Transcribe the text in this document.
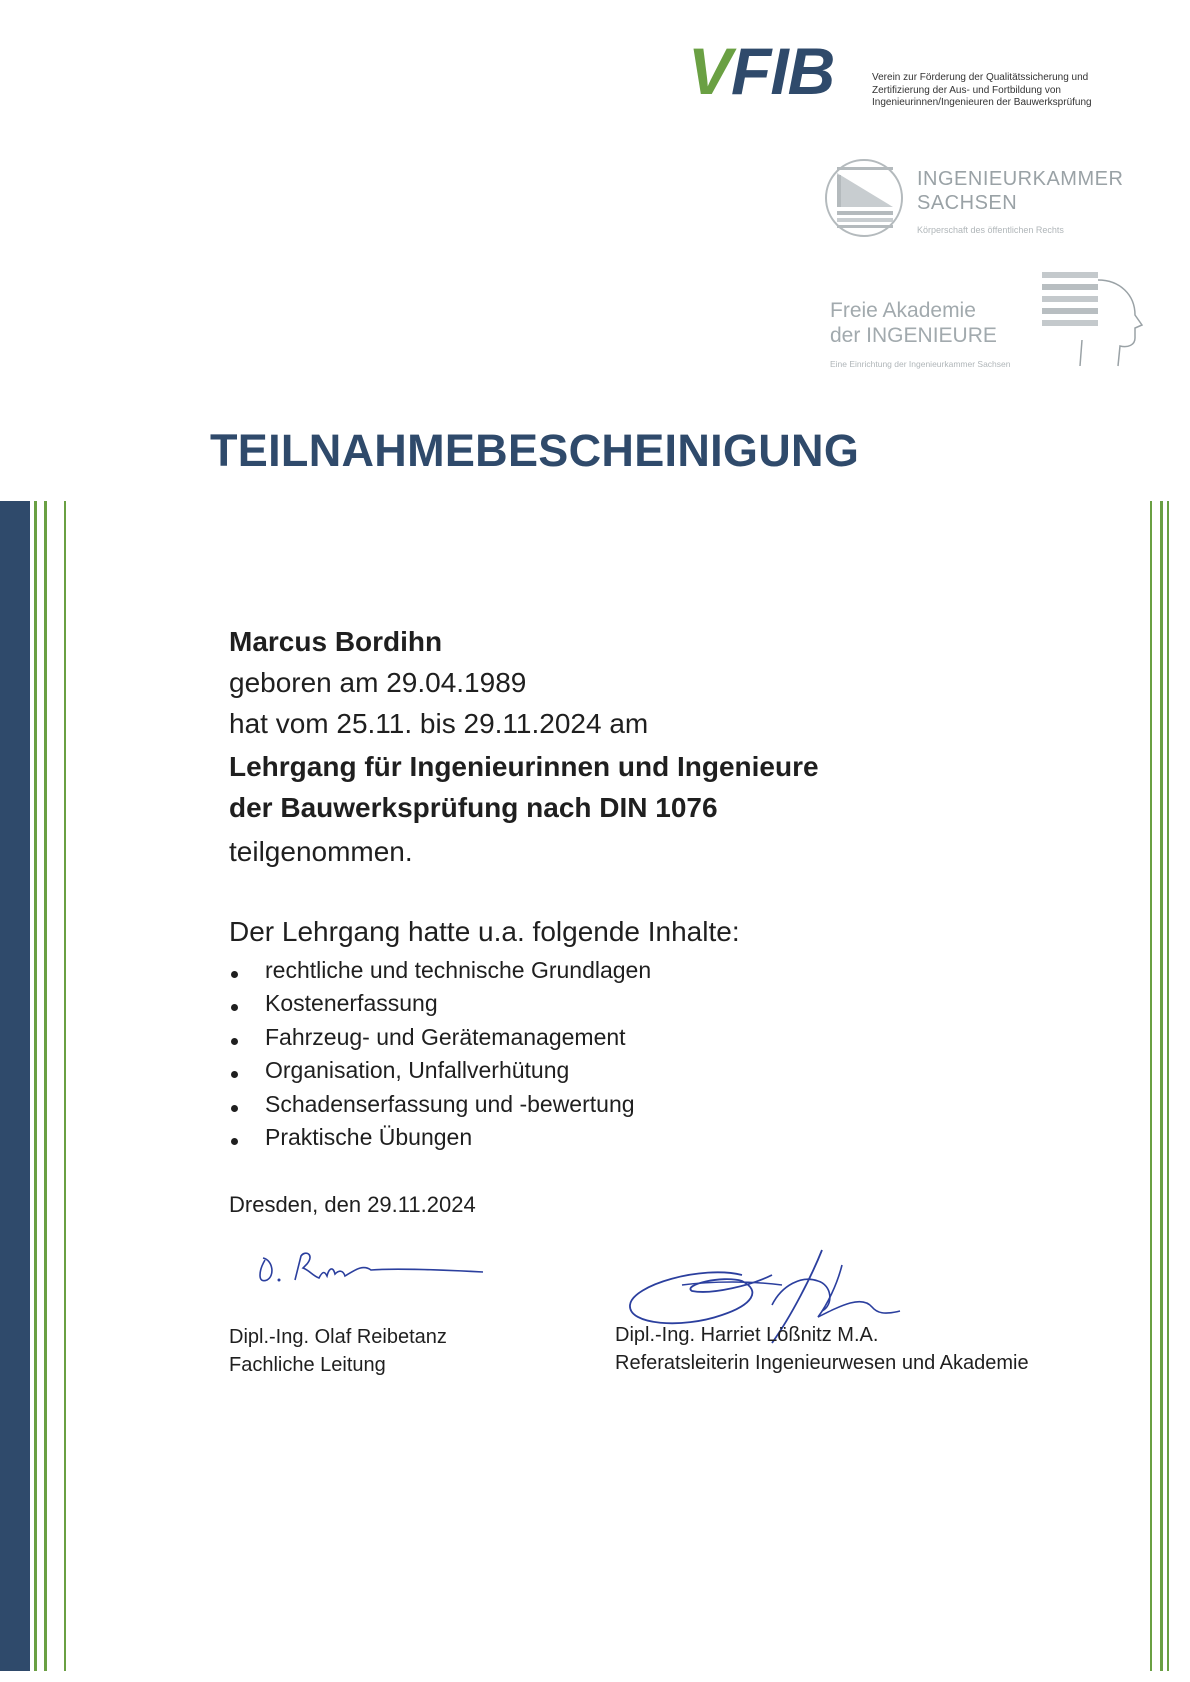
VFIB	Verein zur Förderung der Qualitätssicherung und
Zertifizierung der Aus- und Fortbildung von
Ingenieurinnen/Ingenieuren der Bauwerksprüfung
INGENIEURKAMMER
SACHSEN
Körperschaft des öffentlichen Rechts
Freie Akademie
der INGENIEURE
Eine Einrichtung der Ingenieurkammer Sachsen
TEILNAHMEBESCHEINIGUNG
Marcus Bordihn
geboren am 29.04.1989
hat vom 25.11. bis 29.11.2024 am
Lehrgang für Ingenieurinnen und Ingenieure
der Bauwerksprüfung nach DIN 1076
teilgenommen.
Der Lehrgang hatte u.a. folgende Inhalte:
rechtliche und technische Grundlagen
Kostenerfassung
Fahrzeug- und Gerätemanagement
Organisation, Unfallverhütung
Schadenserfassung und -bewertung
Praktische Übungen
Dresden, den 29.11.2024
Dipl.-Ing. Olaf Reibetanz
Fachliche Leitung
Dipl.-Ing. Harriet Lößnitz M.A.
Referatsleiterin Ingenieurwesen und Akademie
